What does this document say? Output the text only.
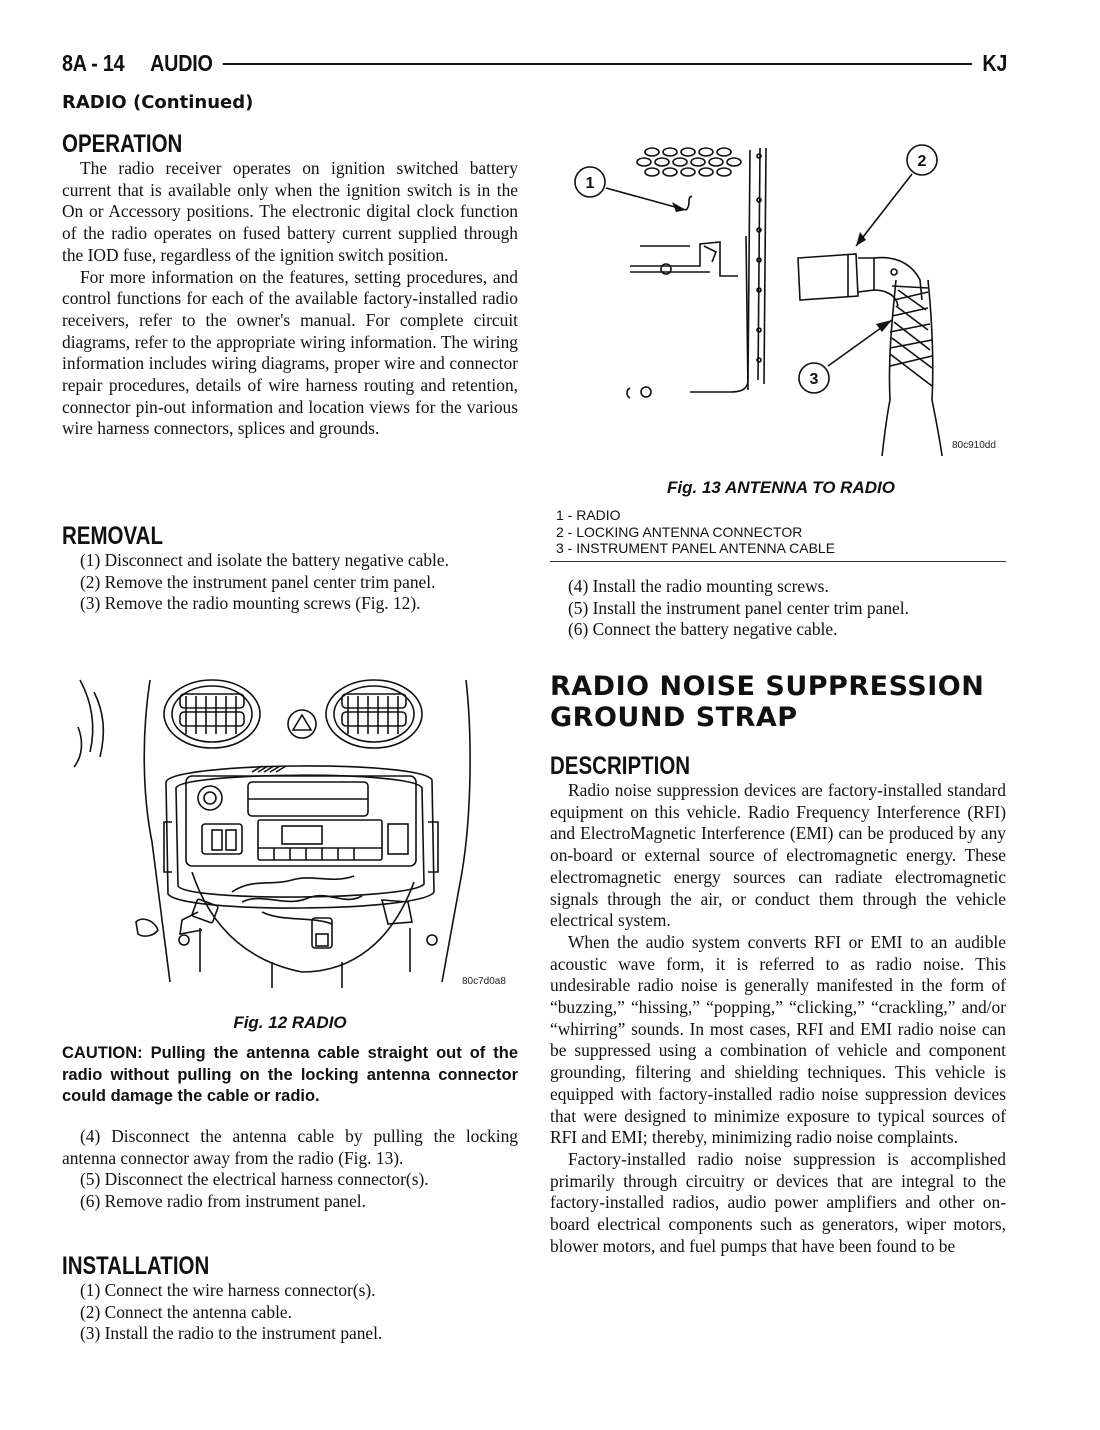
8A - 14 AUDIO	KJ
RADIO (Continued)
OPERATION

The radio receiver operates on ignition switched battery current that is available only when the ignition switch is in the On or Accessory positions. The electronic digital clock function of the radio operates on fused battery current supplied through the IOD fuse, regardless of the ignition switch position.

For more information on the features, setting procedures, and control functions for each of the available factory-installed radio receivers, refer to the owner's manual. For complete circuit diagrams, refer to the appropriate wiring information. The wiring information includes wiring diagrams, proper wire and connector repair procedures, details of wire harness routing and retention, connector pin-out information and location views for the various wire harness connectors, splices and grounds.

REMOVAL

(1) Disconnect and isolate the battery negative cable.

(2) Remove the instrument panel center trim panel.

(3) Remove the radio mounting screws (Fig. 12).

80c7d0a8
Fig. 12 RADIO
CAUTION: Pulling the antenna cable straight out of the radio without pulling on the locking antenna connector could damage the cable or radio.

(4) Disconnect the antenna cable by pulling the locking antenna connector away from the radio (Fig. 13).

(5) Disconnect the electrical harness connector(s).

(6) Remove radio from instrument panel.

INSTALLATION

(1) Connect the wire harness connector(s).

(2) Connect the antenna cable.

(3) Install the radio to the instrument panel.

1
2
3
80c910dd
Fig. 13 ANTENNA TO RADIO
1 - RADIO
2 - LOCKING ANTENNA CONNECTOR
3 - INSTRUMENT PANEL ANTENNA CABLE

(4) Install the radio mounting screws.

(5) Install the instrument panel center trim panel.

(6) Connect the battery negative cable.

RADIO NOISE SUPPRESSION
GROUND STRAP
DESCRIPTION

Radio noise suppression devices are factory-installed standard equipment on this vehicle. Radio Frequency Interference (RFI) and ElectroMagnetic Interference (EMI) can be produced by any on-board or external source of electromagnetic energy. These electromagnetic energy sources can radiate electromagnetic signals through the air, or conduct them through the vehicle electrical system.

When the audio system converts RFI or EMI to an audible acoustic wave form, it is referred to as radio noise. This undesirable radio noise is generally manifested in the form of “buzzing,” “hissing,” “popping,” “clicking,” “crackling,” and/or “whirring” sounds. In most cases, RFI and EMI radio noise can be suppressed using a combination of vehicle and component grounding, filtering and shielding techniques. This vehicle is equipped with factory-installed radio noise suppression devices that were designed to minimize exposure to typical sources of RFI and EMI; thereby, minimizing radio noise complaints.

Factory-installed radio noise suppression is accomplished primarily through circuitry or devices that are integral to the factory-installed radios, audio power amplifiers and other on-board electrical components such as generators, wiper motors, blower motors, and fuel pumps that have been found to be
